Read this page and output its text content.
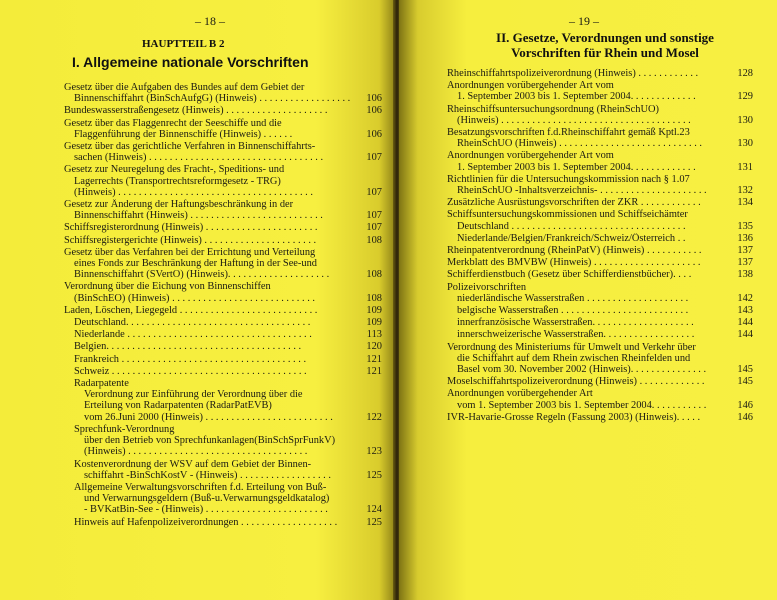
– 18 –
HAUPTTEIL B 2
I. Allgemeine nationale Vorschriften
Gesetz über die Aufgaben des Bundes auf dem Gebiet der
Binnenschiffahrt (BinSchAufgG) (Hinweis) . . . . . . . . . . . . . . . . . .	106
Bundeswasserstraßengesetz (Hinweis) . . . . . . . . . . . . . . . . . . . .	106
Gesetz über das Flaggenrecht der Seeschiffe und die
Flaggenführung der Binnenschiffe (Hinweis) . . . . . .	106
Gesetz über das gerichtliche Verfahren in Binnenschiffahrts-
sachen (Hinweis) . . . . . . . . . . . . . . . . . . . . . . . . . . . . . . . . . .	107
Gesetz zur Neuregelung des Fracht-, Speditions- und
Lagerrechts (Transportrechtsreformgesetz - TRG)
(Hinweis) . . . . . . . . . . . . . . . . . . . . . . . . . . . . . . . . . . . . . .	107
Gesetz zur Änderung der Haftungsbeschränkung in der
Binnenschiffahrt (Hinweis) . . . . . . . . . . . . . . . . . . . . . . . . . .	107
Schiffsregisterordnung (Hinweis) . . . . . . . . . . . . . . . . . . . . . .	107
Schiffsregistergerichte (Hinweis) . . . . . . . . . . . . . . . . . . . . . .	108
Gesetz über das Verfahren bei der Errichtung und Verteilung
eines Fonds zur Beschränkung der Haftung in der See-und
Binnenschiffahrt (SVertO) (Hinweis). . . . . . . . . . . . . . . . . . . .	108
Verordnung über die Eichung von Binnenschiffen
(BinSchEO) (Hinweis) . . . . . . . . . . . . . . . . . . . . . . . . . . . .	108
Laden, Löschen, Liegegeld . . . . . . . . . . . . . . . . . . . . . . . . . . .	109
Deutschland. . . . . . . . . . . . . . . . . . . . . . . . . . . . . . . . . . . .	109
Niederlande . . . . . . . . . . . . . . . . . . . . . . . . . . . . . . . . . . . .	113
Belgien. . . . . . . . . . . . . . . . . . . . . . . . . . . . . . . . . . . . . .	120
Frankreich . . . . . . . . . . . . . . . . . . . . . . . . . . . . . . . . . . . .	121
Schweiz . . . . . . . . . . . . . . . . . . . . . . . . . . . . . . . . . . . . . .	121
Radarpatente
Verordnung zur Einführung der Verordnung über die
Erteilung von Radarpatenten (RadarPatEVB)
vom 26.Juni 2000 (Hinweis) . . . . . . . . . . . . . . . . . . . . . . . . .	122
Sprechfunk-Verordnung
über den Betrieb von Sprechfunkanlagen(BinSchSprFunkV)
(Hinweis) . . . . . . . . . . . . . . . . . . . . . . . . . . . . . . . . . . .	123
Kostenverordnung der WSV auf dem Gebiet der Binnen-
schiffahrt -BinSchKostV - (Hinweis) . . . . . . . . . . . . . . . . . .	125
Allgemeine Verwaltungsvorschriften f.d. Erteilung von Buß-
und Verwarnungsgeldern (Buß-u.Verwarnungsgeldkatalog)
- BVKatBin-See - (Hinweis) . . . . . . . . . . . . . . . . . . . . . . . .	124
Hinweis auf Hafenpolizeiverordnungen . . . . . . . . . . . . . . . . . . .	125
– 19 –
II. Gesetze, Verordnungen und sonstige Vorschriften für Rhein und Mosel
Rheinschiffahrtspolizeiverordnung (Hinweis) . . . . . . . . . . . .	128
Anordnungen vorübergehender Art vom
1. September 2003 bis 1. September 2004. . . . . . . . . . . . .	129
Rheinschiffsuntersuchungsordnung (RheinSchUO)
(Hinweis) . . . . . . . . . . . . . . . . . . . . . . . . . . . . . . . . . . . . .	130
Besatzungsvorschriften f.d.Rheinschiffahrt gemäß Kptl.23
RheinSchUO (Hinweis) . . . . . . . . . . . . . . . . . . . . . . . . . . . .	130
Anordnungen vorübergehender Art vom
1. September 2003 bis 1. September 2004. . . . . . . . . . . . .	131
Richtlinien für die Untersuchungskommission nach § 1.07
RheinSchUO -Inhaltsverzeichnis- . . . . . . . . . . . . . . . . . . . . .	132
Zusätzliche Ausrüstungsvorschriften der ZKR . . . . . . . . . . . .	134
Schiffsuntersuchungskommissionen und Schiffseichämter
Deutschland . . . . . . . . . . . . . . . . . . . . . . . . . . . . . . . . . .	135
Niederlande/Belgien/Frankreich/Schweiz/Österreich . .	136
Rheinpatentverordnung (RheinPatV) (Hinweis) . . . . . . . . . . .	137
Merkblatt des BMVBW (Hinweis) . . . . . . . . . . . . . . . . . . . . .	137
Schifferdienstbuch (Gesetz über Schifferdienstbücher). . . .	138
Polizeivorschriften
niederländische Wasserstraßen . . . . . . . . . . . . . . . . . . . .	142
belgische Wasserstraßen . . . . . . . . . . . . . . . . . . . . . . . . .	143
innerfranzösische Wasserstraßen. . . . . . . . . . . . . . . . . . . .	144
innerschweizerische Wasserstraßen. . . . . . . . . . . . . . . . . .	144
Verordnung des Ministeriums für Umwelt und Verkehr über
die Schiffahrt auf dem Rhein zwischen Rheinfelden und
Basel vom 30. November 2002 (Hinweis). . . . . . . . . . . . . . .	145
Moselschiffahrtspolizeiverordnung (Hinweis) . . . . . . . . . . . . .	145
Anordnungen vorübergehender Art
vom 1. September 2003 bis 1. September 2004. . . . . . . . . . .	146
IVR-Havarie-Grosse Regeln (Fassung 2003) (Hinweis). . . . .	146
